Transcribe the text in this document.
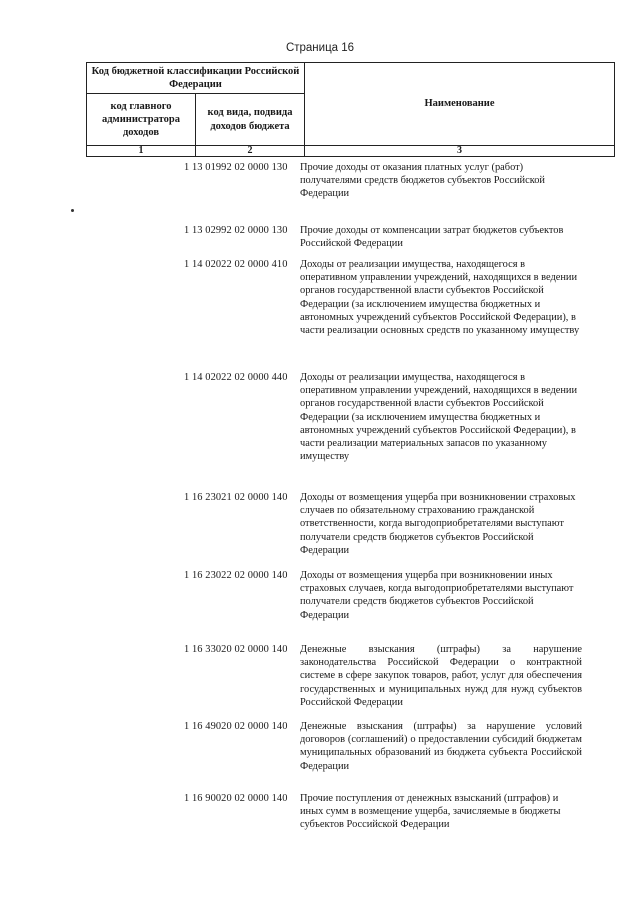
Страница 16
Код бюджетной классификации Российской Федерации		Наименование
код главного администратора доходов	код вида, подвида доходов бюджета	
1	2	3
1 13 01992 02 0000 130	Прочие доходы от оказания платных услуг (работ) получателями средств бюджетов субъектов Российской Федерации
1 13 02992 02 0000 130	Прочие доходы от компенсации затрат бюджетов субъектов Российской Федерации
1 14 02022 02 0000 410	Доходы от реализации имущества, находящегося в оперативном управлении учреждений, находящихся в ведении органов государственной власти субъектов Российской Федерации (за исключением имущества бюджетных и автономных учреждений субъектов Российской Федерации), в части реализации основных средств по указанному имуществу
1 14 02022 02 0000 440	Доходы от реализации имущества, находящегося в оперативном управлении учреждений, находящихся в ведении органов государственной власти субъектов Российской Федерации (за исключением имущества бюджетных и автономных учреждений субъектов Российской Федерации), в части реализации материальных запасов по указанному имуществу
1 16 23021 02 0000 140	Доходы от возмещения ущерба при возникновении страховых случаев по обязательному страхованию гражданской ответственности, когда выгодоприобретателями выступают получатели средств бюджетов субъектов Российской Федерации
1 16 23022 02 0000 140	Доходы от возмещения ущерба при возникновении иных страховых случаев, когда выгодоприобретателями выступают получатели средств бюджетов субъектов Российской Федерации
1 16 33020 02 0000 140	Денежные взыскания (штрафы) за нарушение законодательства Российской Федерации о контрактной системе в сфере закупок товаров, работ, услуг для обеспечения государственных и муниципальных нужд для нужд субъектов Российской Федерации
1 16 49020 02 0000 140	Денежные взыскания (штрафы) за нарушение условий договоров (соглашений) о предоставлении субсидий бюджетам муниципальных образований из бюджета субъекта Российской Федерации
1 16 90020 02 0000 140	Прочие поступления от денежных взысканий (штрафов) и иных сумм в возмещение ущерба, зачисляемые в бюджеты субъектов Российской Федерации
